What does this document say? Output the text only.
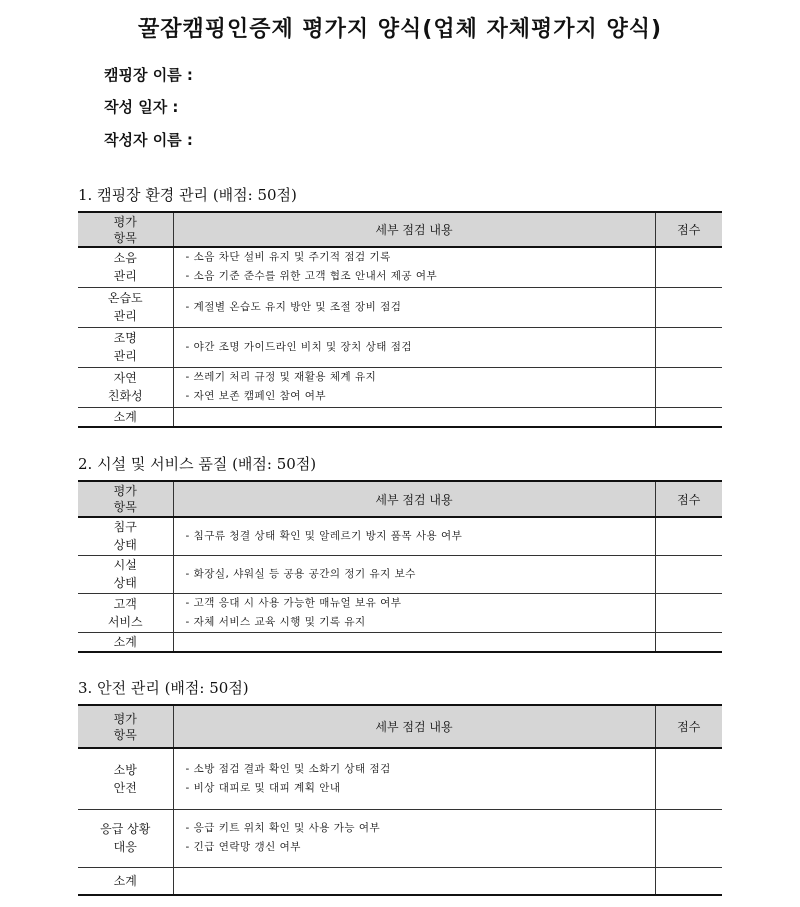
꿀잠캠핑인증제 평가지 양식(업체 자체평가지 양식)
캠핑장 이름 :
작성 일자 :
작성자 이름 :
1. 캠핑장 환경 관리 (배점: 50점)
평가
항목	세부 점검 내용	점수

소음
관리	- 소음 차단 설비 유지 및 주기적 점검 기록
- 소음 기준 준수를 위한 고객 협조 안내서 제공 여부	

온습도
관리	- 계절별 온습도 유지 방안 및 조절 장비 점검	

조명
관리	- 야간 조명 가이드라인 비치 및 장치 상태 점검	

자연
친화성	- 쓰레기 처리 규정 및 재활용 체계 유지
- 자연 보존 캠페인 참여 여부	

소계		
2. 시설 및 서비스 품질 (배점: 50점)
평가
항목	세부 점검 내용	점수

침구
상태	- 침구류 청결 상태 확인 및 알레르기 방지 품목 사용 여부	

시설
상태	- 화장실, 샤워실 등 공용 공간의 정기 유지 보수	

고객
서비스	- 고객 응대 시 사용 가능한 매뉴얼 보유 여부
- 자체 서비스 교육 시행 및 기록 유지	

소계		
3. 안전 관리 (배점: 50점)
평가
항목	세부 점검 내용	점수

소방
안전	- 소방 점검 결과 확인 및 소화기 상태 점검
- 비상 대피로 및 대피 계획 안내	

응급 상황
대응	- 응급 키트 위치 확인 및 사용 가능 여부
- 긴급 연락망 갱신 여부	

소계		
